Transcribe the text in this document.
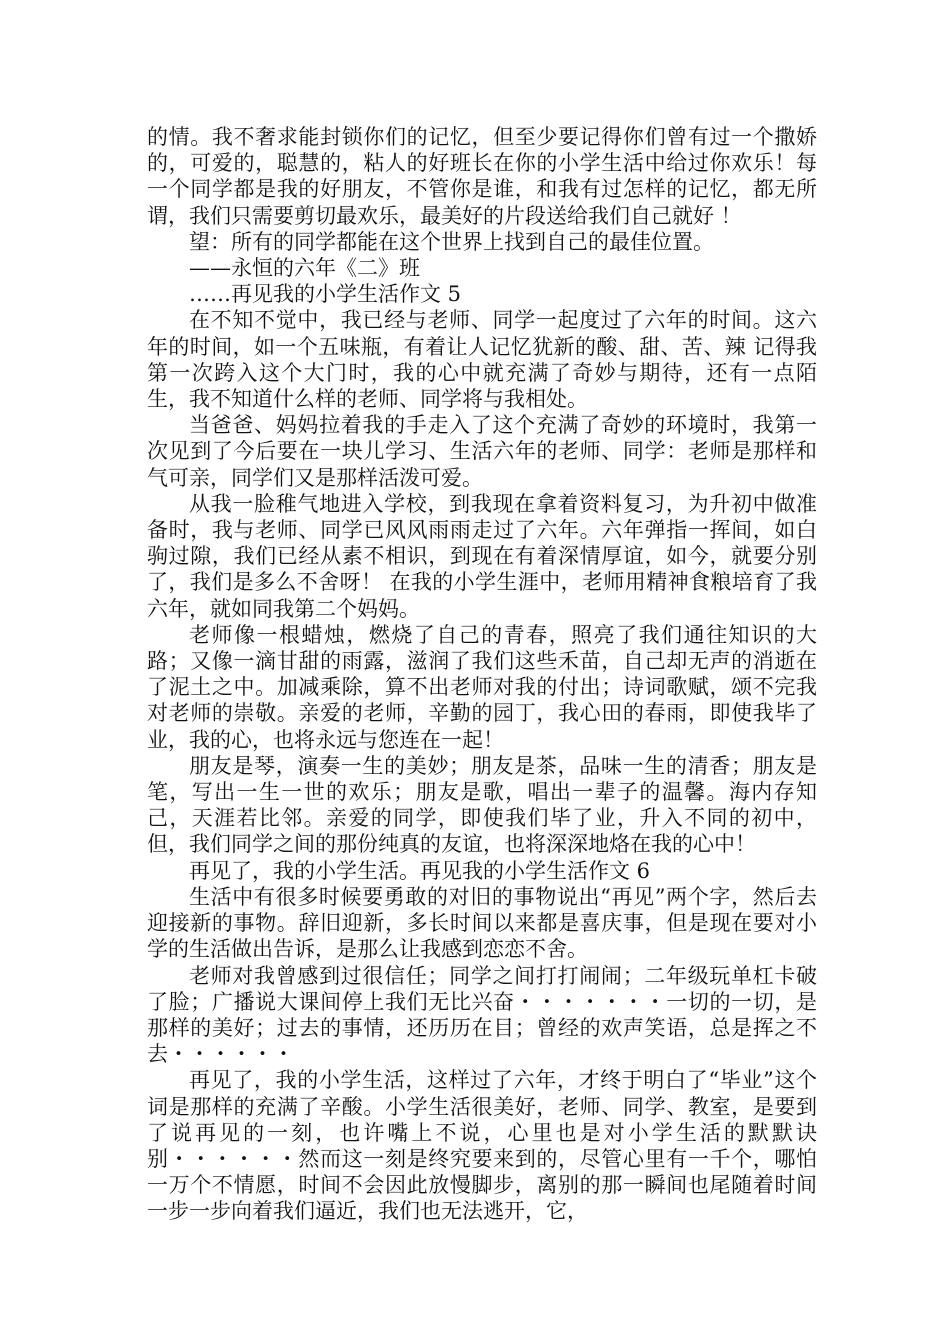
的情。我不奢求能封锁你们的记忆，但至少要记得你们曾有过一个撒娇的，可爱的，聪慧的，粘人的好班长在你的小学生活中给过你欢乐！每一个同学都是我的好朋友，不管你是谁，和我有过怎样的记忆，都无所谓，我们只需要剪切最欢乐，最美好的片段送给我们自己就好 ！

望：所有的同学都能在这个世界上找到自己的最佳位置。

——永恒的六年《二》班

……再见我的小学生活作文 5

在不知不觉中，我已经与老师、同学一起度过了六年的时间。这六年的时间，如一个五味瓶，有着让人记忆犹新的酸、甜、苦、辣 记得我第一次跨入这个大门时，我的心中就充满了奇妙与期待，还有一点陌生，我不知道什么样的老师、同学将与我相处。

当爸爸、妈妈拉着我的手走入了这个充满了奇妙的环境时，我第一次见到了今后要在一块儿学习、生活六年的老师、同学：老师是那样和气可亲，同学们又是那样活泼可爱。

从我一脸稚气地进入学校，到我现在拿着资料复习，为升初中做准备时，我与老师、同学已风风雨雨走过了六年。六年弹指一挥间，如白驹过隙，我们已经从素不相识，到现在有着深情厚谊，如今，就要分别了，我们是多么不舍呀！ 在我的小学生涯中，老师用精神食粮培育了我六年，就如同我第二个妈妈。

老师像一根蜡烛，燃烧了自己的青春，照亮了我们通往知识的大路；又像一滴甘甜的雨露，滋润了我们这些禾苗，自己却无声的消逝在了泥土之中。加减乘除，算不出老师对我的付出；诗词歌赋，颂不完我对老师的崇敬。亲爱的老师，辛勤的园丁，我心田的春雨，即使我毕了业，我的心，也将永远与您连在一起！

朋友是琴，演奏一生的美妙；朋友是茶，品味一生的清香；朋友是笔，写出一生一世的欢乐；朋友是歌，唱出一辈子的温馨。海内存知己，天涯若比邻。亲爱的同学，即使我们毕了业，升入不同的初中，但，我们同学之间的那份纯真的友谊，也将深深地烙在我的心中！

再见了，我的小学生活。再见我的小学生活作文 6

生活中有很多时候要勇敢的对旧的事物说出“再见”两个字，然后去迎接新的事物。辞旧迎新，多长时间以来都是喜庆事，但是现在要对小学的生活做出告诉，是那么让我感到恋恋不舍。

老师对我曾感到过很信任；同学之间打打闹闹；二年级玩单杠卡破了脸；广播说大课间停上我们无比兴奋・・・・・・・一切的一切，是那样的美好；过去的事情，还历历在目；曾经的欢声笑语，总是挥之不去・・・・・・

再见了，我的小学生活，这样过了六年，才终于明白了“毕业”这个词是那样的充满了辛酸。小学生活很美好，老师、同学、教室，是要到了说再见的一刻，也许嘴上不说，心里也是对小学生活的默默诀别・・・・・・然而这一刻是终究要来到的，尽管心里有一千个，哪怕一万个不情愿，时间不会因此放慢脚步，离别的那一瞬间也尾随着时间一步一步向着我们逼近，我们也无法逃开，它，
